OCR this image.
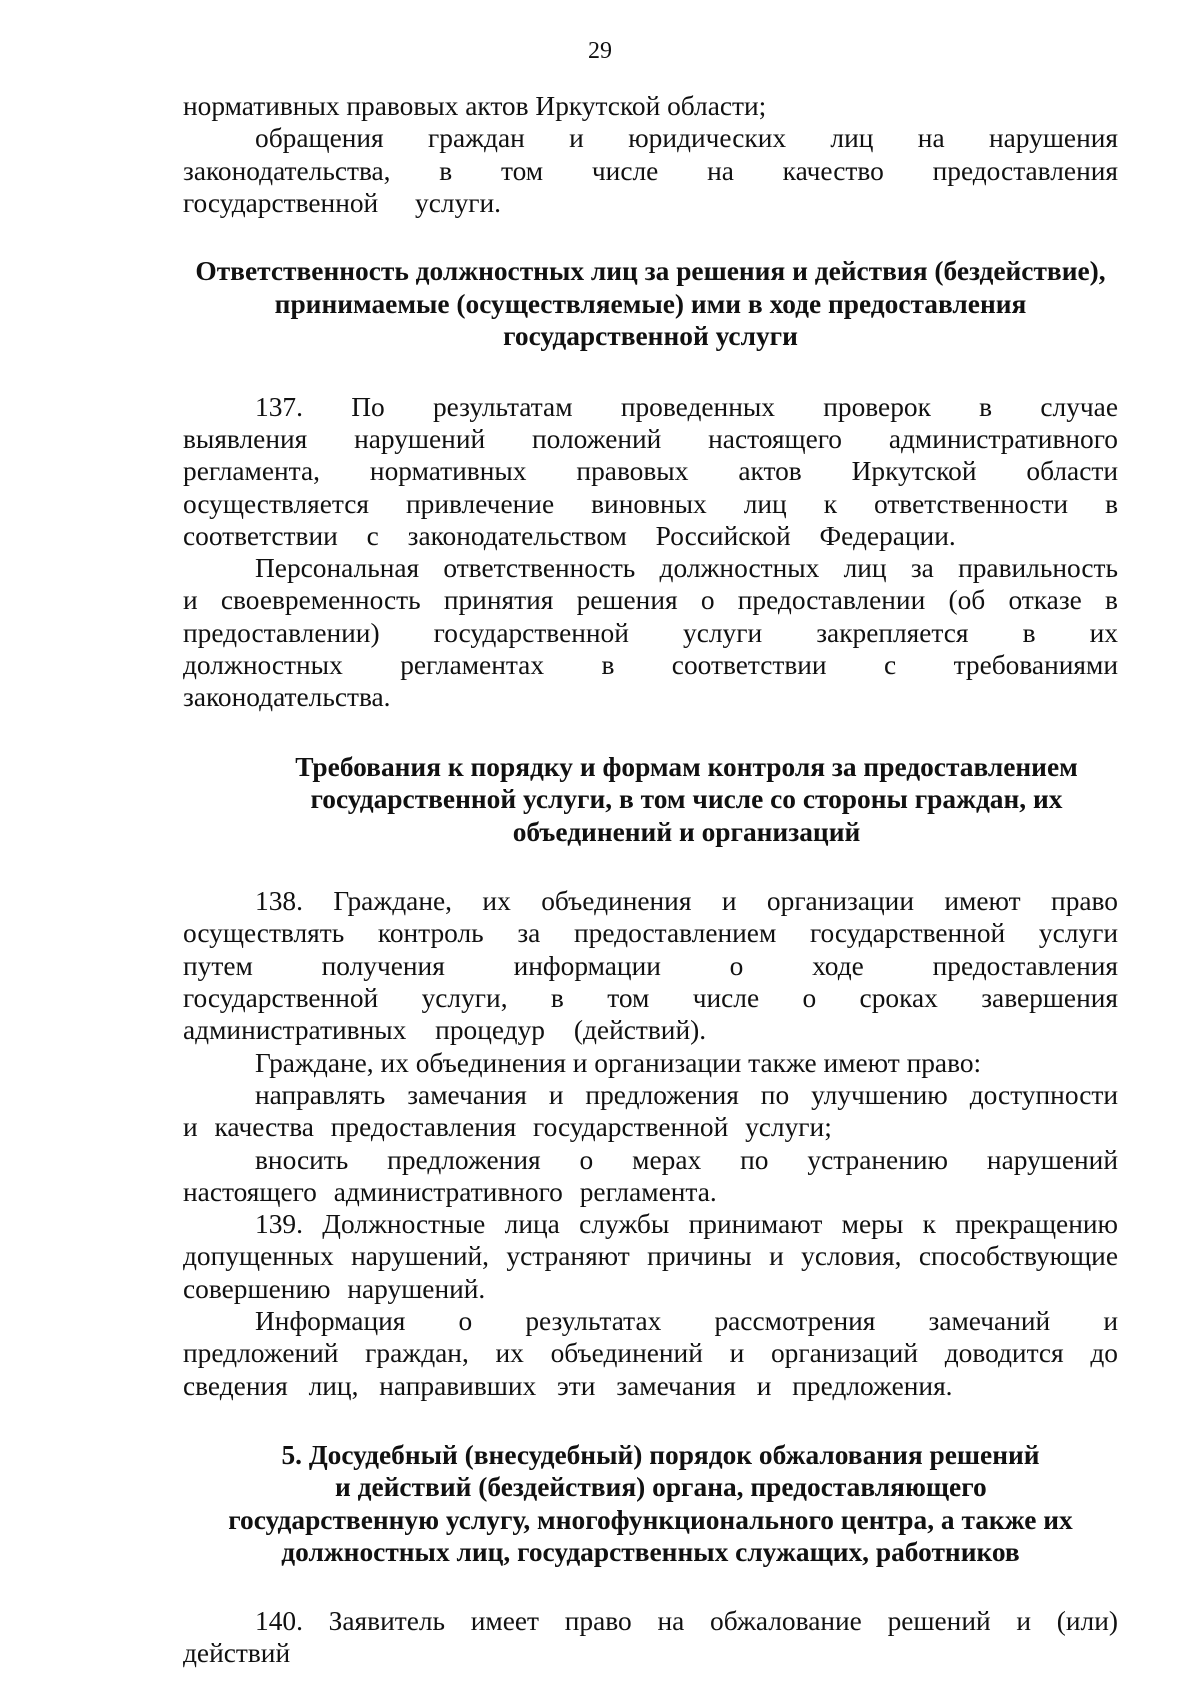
29

нормативных правовых актов Иркутской области;

обращения граждан и юридических лиц на нарушения законодательства, в том числе на качество предоставления государственной услуги.

Ответственность должностных лиц за решения и действия (бездействие), принимаемые (осуществляемые) ими в ходе предоставления государственной услуги

137. По результатам проведенных проверок в случае выявления нарушений положений настоящего административного регламента, нормативных правовых актов Иркутской области осуществляется привлечение виновных лиц к ответственности в соответствии с законодательством Российской Федерации.

Персональная ответственность должностных лиц за правильность и своевременность принятия решения о предоставлении (об отказе в предоставлении) государственной услуги закрепляется в их должностных регламентах в соответствии с требованиями законодательства.

Требования к порядку и формам контроля за предоставлением государственной услуги, в том числе со стороны граждан, их объединений и организаций

138. Граждане, их объединения и организации имеют право осуществлять контроль за предоставлением государственной услуги путем получения информации о ходе предоставления государственной услуги, в том числе о сроках завершения административных процедур (действий).

Граждане, их объединения и организации также имеют право:

направлять замечания и предложения по улучшению доступности и качества предоставления государственной услуги;

вносить предложения о мерах по устранению нарушений настоящего административного регламента.

139. Должностные лица службы принимают меры к прекращению допущенных нарушений, устраняют причины и условия, способствующие совершению нарушений.

Информация о результатах рассмотрения замечаний и предложений граждан, их объединений и организаций доводится до сведения лиц, направивших эти замечания и предложения.

5. Досудебный (внесудебный) порядок обжалования решений
и действий (бездействия) органа, предоставляющего
государственную услугу, многофункционального центра, а также их
должностных лиц, государственных служащих, работников

140. Заявитель имеет право на обжалование решений и (или) действий
